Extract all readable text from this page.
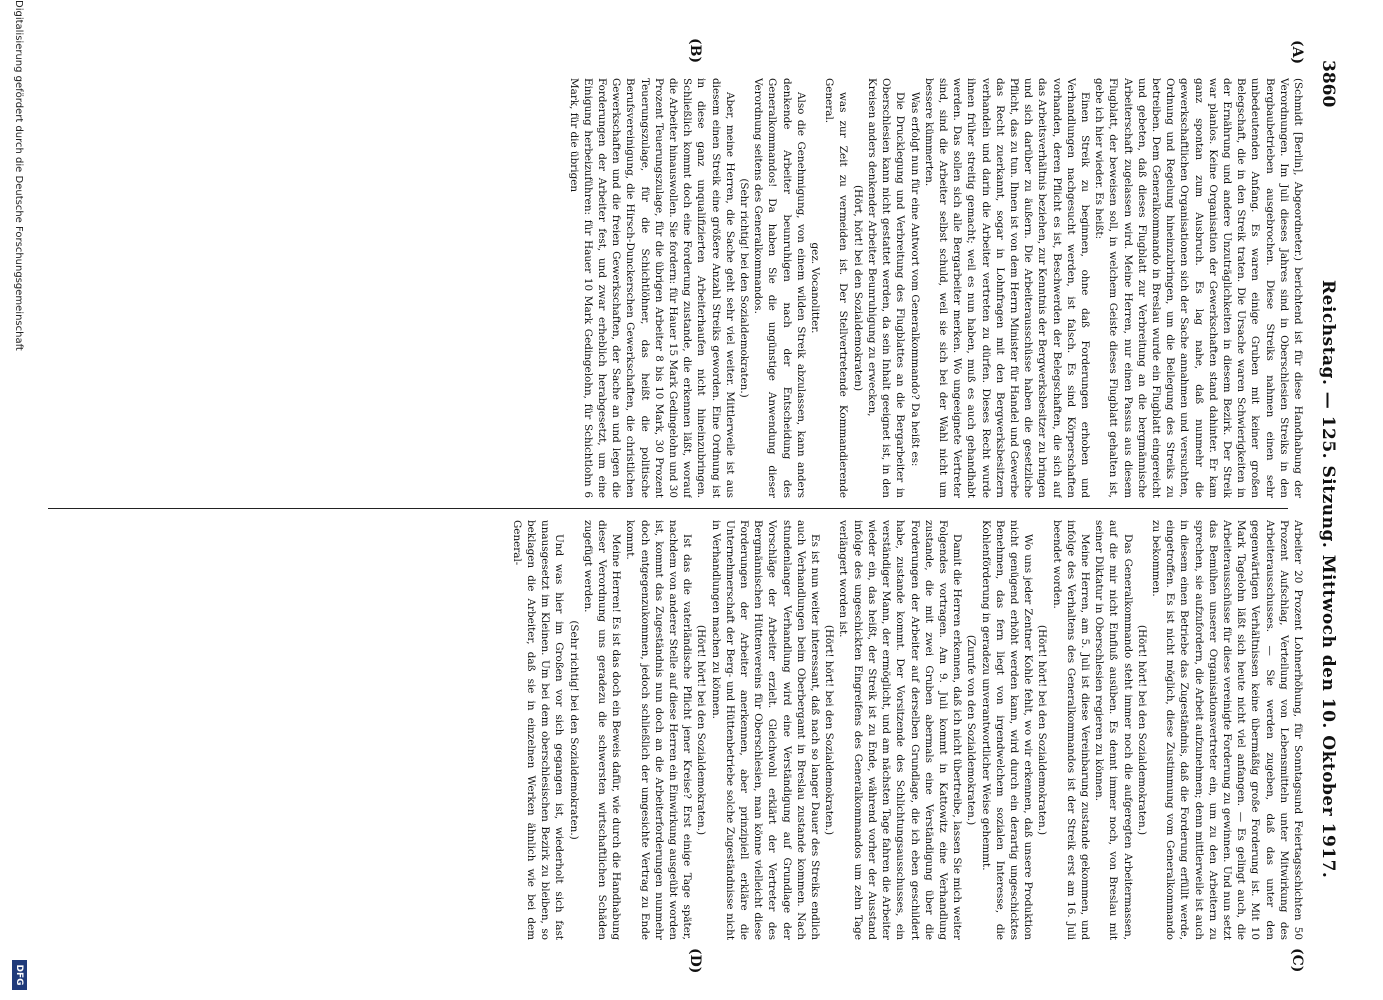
3860
Reichstag. — 125. Sitzung. Mittwoch den 10. Oktober 1917.
(A)
(B)
(C)
(D)

(Schmidt [Berlin], Abgeordneter.) berichtend ist für diese Handhabung der Verordnungen. Im Juli dieses Jahres sind in Oberschlesien Streiks in den Bergbaubetrieben ausgebrochen. Diese Streiks nahmen einen sehr unbedeutenden Anfang. Es waren einige Gruben mit keiner großen Belegschaft, die in den Streik traten. Die Ursache waren Schwierigkeiten in der Ernährung und andere Unzuträglichkeiten in diesem Bezirk. Der Streik war planlos. Keine Organisation der Gewerkschaften stand dahinter. Er kam ganz spontan zum Ausbruch. Es lag nahe, daß nunmehr die gewerkschaftlichen Organisationen sich der Sache annahmen und versuchten, Ordnung und Regelung hineinzubringen, um die Beilegung des Streiks zu betreiben. Dem Generalkommando in Breslau wurde ein Flugblatt eingereicht und gebeten, daß dieses Flugblatt zur Verbreitung an die bergmännische Arbeiterschaft zugelassen wird. Meine Herren, nur einen Passus aus diesem Flugblatt, der beweisen soll, in welchem Geiste dieses Flugblatt gehalten ist, gebe ich hier wieder. Es heißt:

Einen Streik zu beginnen, ohne daß Forderungen erhoben und Verhandlungen nachgesucht werden, ist falsch. Es sind Körperschaften vorhanden, deren Pflicht es ist, Beschwerden der Belegschaften, die sich auf das Arbeitsverhältnis beziehen, zur Kenntnis der Bergwerksbesitzer zu bringen und sich darüber zu äußern. Die Arbeiterausschüsse haben die gesetzliche Pflicht, das zu tun. Ihnen ist von dem Herrn Minister für Handel und Gewerbe das Recht zuerkannt, sogar in Lohnfragen mit den Bergwerksbesitzern verhandeln und darin die Arbeiter vertreten zu dürfen. Dieses Recht wurde ihnen früher streitig gemacht; weil es nun haben, muß es auch gehandhabt werden. Das sollen sich alle Bergarbeiter merken. Wo ungeeignete Vertreter sind, sind die Arbeiter selbst schuld, weil sie sich bei der Wahl nicht um bessere kümmerten.

Was erfolgt nun für eine Antwort vom Generalkommando? Da heißt es:

Die Drucklegung und Verbreitung des Flugblattes an die Bergarbeiter in Oberschlesien kann nicht gestattet werden, da sein Inhalt geeignet ist, in den Kreisen anders denkender Arbeiter Beunruhigung zu erwecken,

(Hört, hört! bei den Sozialdemokraten)

was zur Zeit zu vermeiden ist. Der Stellvertretende Kommandierende General.

gez. Vocanolitter.

Also die Genehmigung, von einem wilden Streik abzulassen, kann anders denkende Arbeiter beunruhigen nach der Entscheidung des Generalkommandos! Da haben Sie die ungünstige Anwendung dieser Verordnung seitens des Generalkommandos.

(Sehr richtig! bei den Sozialdemokraten.)

Aber, meine Herren, die Sache geht sehr viel weiter. Mittlerweile ist aus diesem einen Streik eine größere Anzahl Streiks geworden. Eine Ordnung ist in diese ganz unqualifizierten Arbeiterhaufen nicht hineinzubringen. Schließlich kommt doch eine Forderung zustande, die erkennen läßt, worauf die Arbeiter hinauswollen. Sie fordern: für Hauer 15 Mark Gedingelohn und 30 Prozent Teuerungszulage, für die übrigen Arbeiter 8 bis 10 Mark, 30 Prozent Teuerungszulage, für die Schichtlöhner, das heißt die politische Berufsvereinigung, die Hirsch-Dunckerschen Gewerkschaften, die christlichen Gewerkschaften und die freien Gewerkschaften, der Sache an und legen die Forderungen der Arbeiter fest, und zwar erheblich herabgesetzt, um eine Einigung herbeizuführen: für Hauer 10 Mark Gedingelohn, für Schichtlohn 6 Mark, für die übrigen

Arbeiter 20 Prozent Lohnerhöhung, für Sonntagsund Feiertagsschichten 50 Prozent Aufschlag, Verteilung von Lebensmitteln unter Mitwirkung des Arbeiterausschusses. — Sie werden zugeben, daß das unter den gegenwärtigen Verhältnissen keine übermäßig große Forderung ist. Mit 10 Mark Tagelohn läßt sich heute nicht viel anfangen. — Es gelingt auch, die Arbeiterausschüsse für diese vereinigte Forderung zu gewinnen. Und nun setzt das Bemühen unserer Organisationsvertreter ein, um zu den Arbeitern zu sprechen, sie aufzufordern, die Arbeit aufzunehmen; denn mittlerweile ist auch in diesem einen Betriebe das Zugeständnis, daß die Forderung erfüllt werde, eingetroffen. Es ist nicht möglich, diese Zustimmung vom Generalkommando zu bekommen.

(Hört! hört! bei den Sozialdemokraten.)

Das Generalkommando steht immer noch die aufgeregten Arbeitermassen, auf die mir nicht Einfluß ausüben. Es dennt immer noch, von Breslau mit seiner Diktatur in Oberschlesien regieren zu können.

Meine Herren, am 5. Juli ist diese Vereinbarung zustande gekommen, und infolge des Verhaltens des Generalkommandos ist der Streik erst am 16. Juli beendet worden.

(Hört! hört! bei den Sozialdemokraten.)

Wo uns jeder Zentner Kohle fehlt, wo wir erkennen, daß unsere Produktion nicht genügend erhöht werden kann, wird durch ein derartig ungeschicktes Benehmen, das fern liegt von irgendwelchem sozialen Interesse, die Kohlenförderung in geradezu unverantwortlicher Weise gehemmt.

(Zurufe von den Sozialdemokraten.)

Damit die Herren erkennen, daß ich nicht übertreibe, lassen Sie mich weiter Folgendes vortragen. Am 9. Juli kommt in Kattowitz eine Verhandlung zustande, die mit zwei Gruben abermals eine Verständigung über die Forderungen der Arbeiter auf derselben Grundlage, die ich eben geschildert habe, zustande kommt. Der Vorsitzende des Schlichtungsausschusses, ein verständiger Mann, der ermöglicht, und am nächsten Tage fahren die Arbeiter wieder ein, das heißt, der Streik ist zu Ende, während vorher der Ausstand infolge des ungeschickten Eingreifens des Generalkommandos um zehn Tage verlängert worden ist.

(Hört! hört! bei den Sozialdemokraten.)

Es ist nun weiter interessant, daß nach so langer Dauer des Streiks endlich auch Verhandlungen beim Oberbergamt in Breslau zustande kommen. Nach stundenlanger Verhandlung wird eine Verständigung auf Grundlage der Vorschläge der Arbeiter erzielt. Gleichwohl erklärt der Vertreter des Bergmännischen Hüttenvereins für Oberschlesien, man könne vielleicht diese Forderungen der Arbeiter anerkennen, aber prinzipiell erkläre die Unternehmerschaft der Berg- und Hüttenbetriebe solche Zugeständnisse nicht in Verhandlungen machen zu können.

(Hört! hört! bei den Sozialdemokraten.)

Ist das die vaterländische Pflicht jener Kreise? Erst einige Tage später, nachdem von anderer Stelle auf diese Herren ein Einwirkung ausgeübt worden ist, kommt das Zugeständnis nun doch an die Arbeiterforderungen nunmehr doch entgegenzukommen, jedoch schließlich der umgesichte Vertrag zu Ende kommt.

Meine Herren! Es ist das doch ein Beweis dafür, wie durch die Handhabung dieser Verordnung uns geradezu die schwersten wirtschaftlichen Schäden zugefügt werden.

(Sehr richtig! bei den Sozialdemokraten.)

Und was hier im Großen vor sich gegangen ist, wiederholt sich fast unausgesetzt im Kleinen. Um bei dem oberschlesischen Bezirk zu bleiben, so beklagen die Arbeiter, daß sie in einzelnen Werken ähnlich wie bei dem General-

Digitalisierung gefördert durch die Deutsche Forschungsgemeinschaft
DFG
